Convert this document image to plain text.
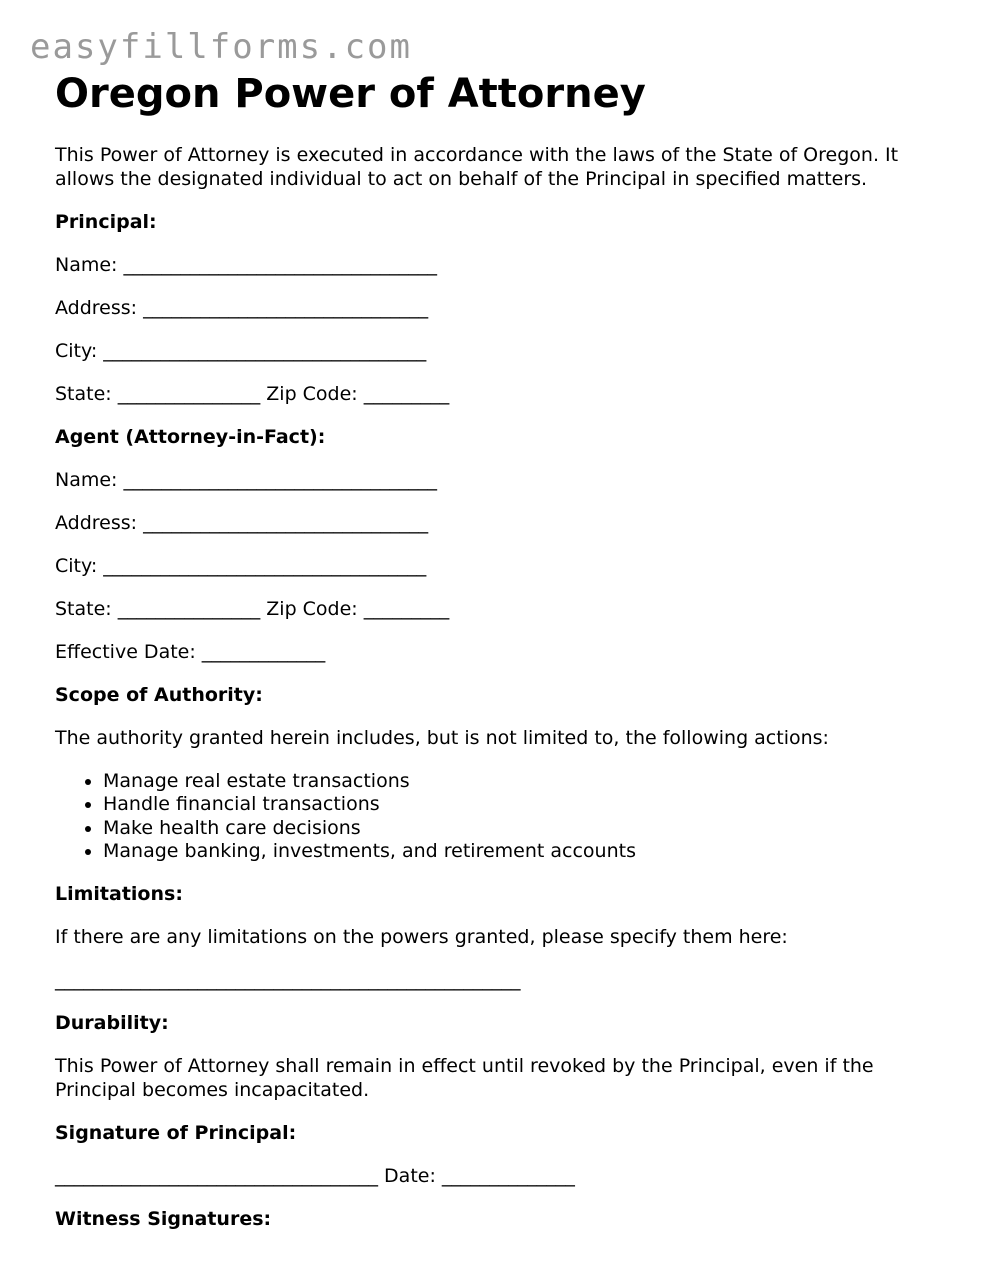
easyfillforms.com
Oregon Power of Attorney

This Power of Attorney is executed in accordance with the laws of the State of Oregon. It allows the designated individual to act on behalf of the Principal in specified matters.

Principal:

Name: _________________________________

Address: ______________________________

City: __________________________________

State: _______________ Zip Code: _________

Agent (Attorney-in-Fact):

Name: _________________________________

Address: ______________________________

City: __________________________________

State: _______________ Zip Code: _________

Effective Date: _____________

Scope of Authority:

The authority granted herein includes, but is not limited to, the following actions:

• Manage real estate transactions
• Handle financial transactions
• Make health care decisions
• Manage banking, investments, and retirement accounts

Limitations:

If there are any limitations on the powers granted, please specify them here:

_________________________________________________

Durability:

This Power of Attorney shall remain in effect until revoked by the Principal, even if the Principal becomes incapacitated.

Signature of Principal:

__________________________________ Date: ______________

Witness Signatures:
